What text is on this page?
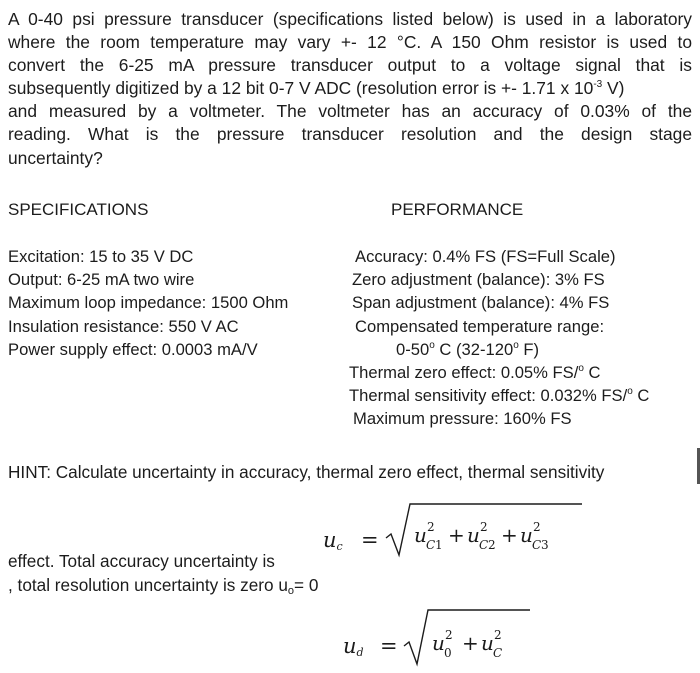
A 0-40 psi pressure transducer (specifications listed below) is used in a laboratory
where the room temperature may vary +- 12 °C. A 150 Ohm resistor is used to
convert the 6-25 mA pressure transducer output to a voltage signal that is
subsequently digitized by a 12 bit 0-7 V ADC (resolution error is +- 1.71 x $10^{-3}$ V)
and measured by a voltmeter. The voltmeter has an accuracy of 0.03% of the
reading. What is the pressure transducer resolution and the design stage
uncertainty?
SPECIFICATIONS	PERFORMANCE
Excitation: 15 to 35 V DC
Output: 6-25 mA two wire
Maximum loop impedance: 1500 Ohm
Insulation resistance: 550 V AC
Power supply effect: 0.0003 mA/V
Accuracy: 0.4% FS (FS=Full Scale)
Zero adjustment (balance): 3% FS
Span adjustment (balance): 4% FS
Compensated temperature range:
0-50$^o$ C (32-120$^o$ F)
Thermal zero effect: 0.05% FS/$^o$ C
Thermal sensitivity effect: 0.032% FS/$^o$ C
Maximum pressure: 160% FS
HINT: Calculate uncertainty in accuracy, thermal zero effect, thermal sensitivity
$u_c = u$ 2
C 1 + u 2
C 2 + u 2
C 3
effect. Total accuracy uncertainty is
, total resolution uncertainty is zero $u_o= 0$
$u_d = u$ 2
0 + u 2
C
